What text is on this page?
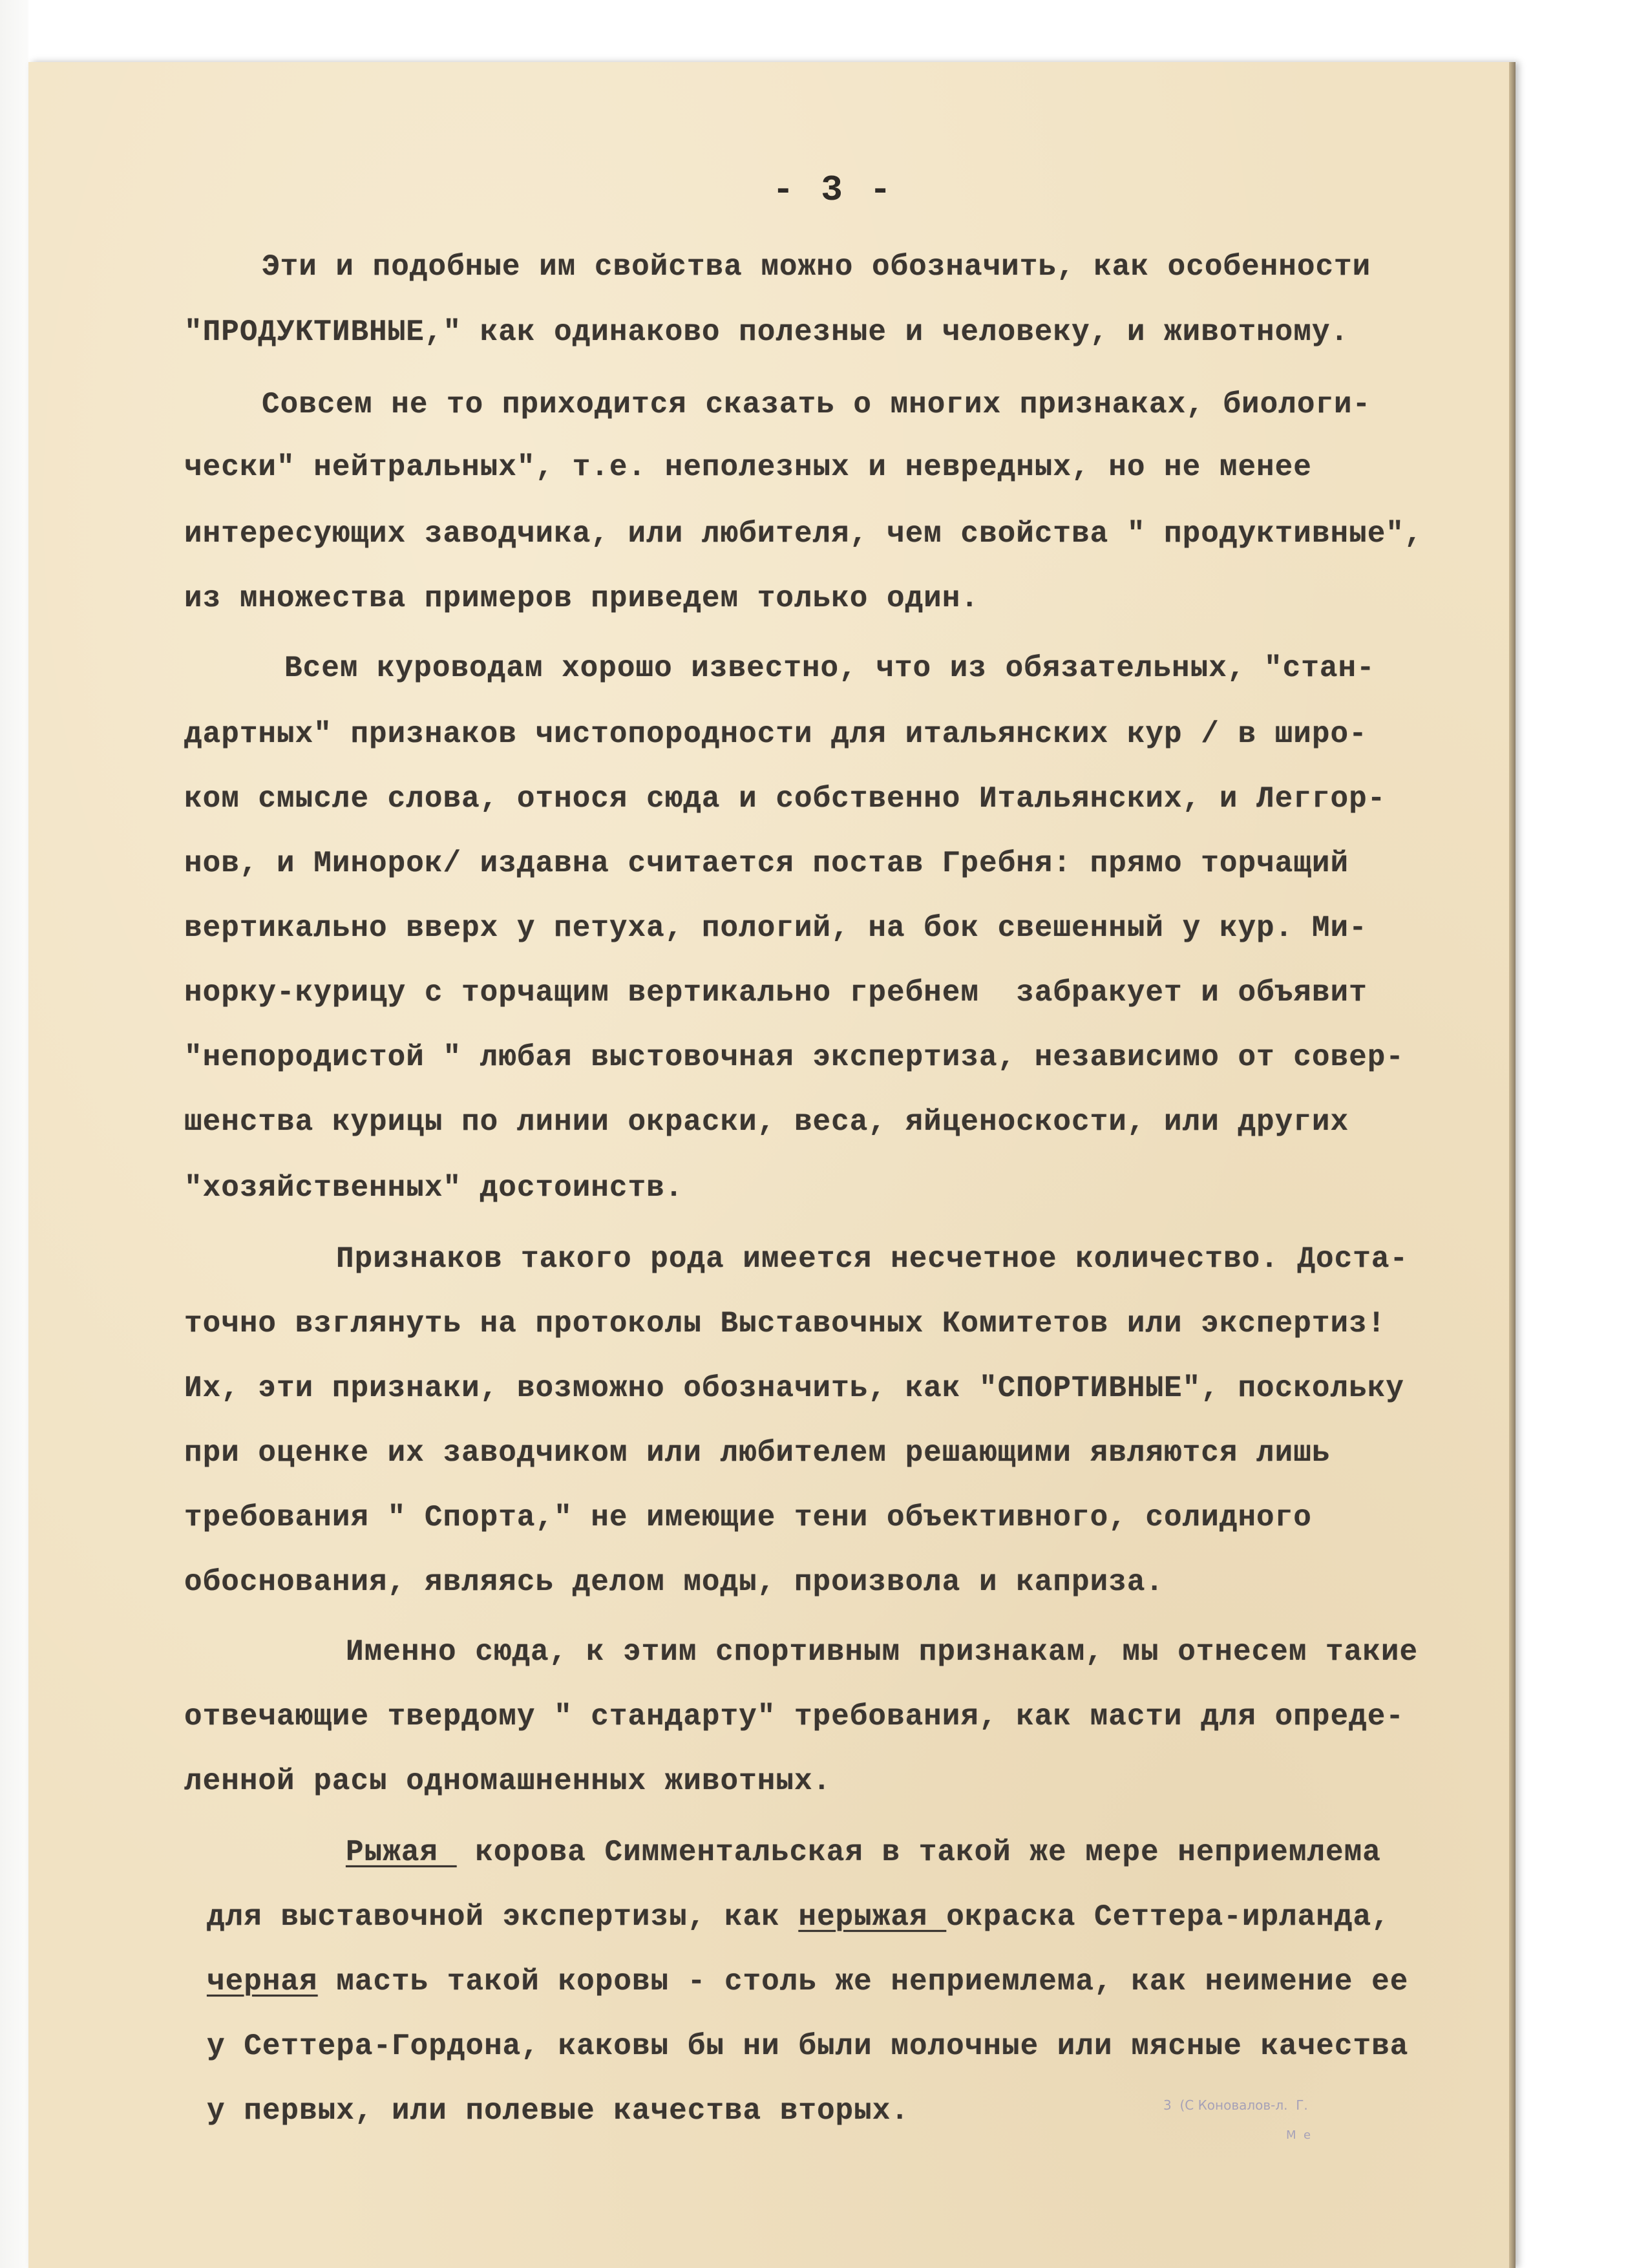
- 3 -
Эти и подобные им свойства можно обозначить, как особенности
"ПРОДУКТИВНЫЕ," как одинаково полезные и человеку, и животному.
Совсем не то приходится сказать о многих признаках, биологи-
чески" нейтральных", т.е. неполезных и невредных, но не менее
интересующих заводчика, или любителя, чем свойства " продуктивные",
из множества примеров приведем только один.
Всем куроводам хорошо известно, что из обязательных, "стан-
дартных" признаков чистопородности для итальянских кур / в широ-
ком смысле слова, относя сюда и собственно Итальянских, и Леггор-
нов, и Минорок/ издавна считается постав Гребня: прямо торчащий
вертикально вверх у петуха, пологий, на бок свешенный у кур. Ми-
норку-курицу с торчащим вертикально гребнем  забракует и объявит
"непородистой " любая выстовочная экспертиза, независимо от совер-
шенства курицы по линии окраски, веса, яйценоскости, или других
"хозяйственных" достоинств.
Признаков такого рода имеется несчетное количество. Доста-
точно взглянуть на протоколы Выставочных Комитетов или экспертиз!
Их, эти признаки, возможно обозначить, как "СПОРТИВНЫЕ", поскольку
при оценке их заводчиком или любителем решающими являются лишь
требования " Спорта," не имеющие тени объективного, солидного
обоснования, являясь делом моды, произвола и каприза.
Именно сюда, к этим спортивным признакам, мы отнесем такие
отвечающие твердому " стандарту" требования, как масти для опреде-
ленной расы одномашненных животных.
Рыжая  корова Симментальская в такой же мере неприемлема
для выставочной экспертизы, как нерыжая окраска Сеттера-ирланда,
черная масть такой коровы - столь же неприемлема, как неимение ее
у Сеттера-Гордона, каковы бы ни были молочные или мясные качества
у первых, или полевые качества вторых.	3  (С Коновалов-л.  Г.
М  е
